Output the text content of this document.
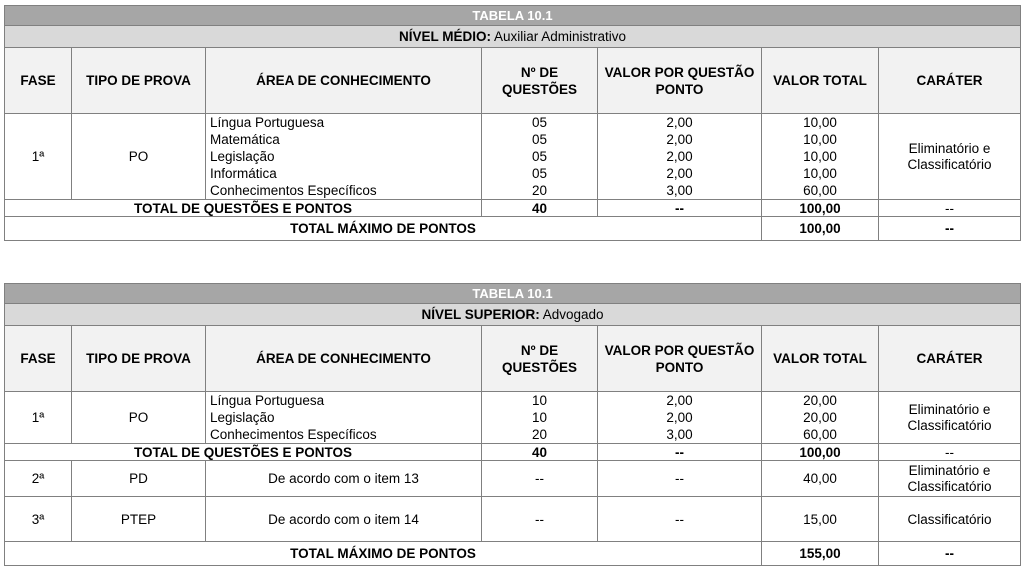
TABELA 10.1						
NÍVEL MÉDIO: Auxiliar Administrativo						
FASE	TIPO DE PROVA	ÁREA DE CONHECIMENTO	Nº DE QUESTÕES	VALOR POR QUESTÃO PONTO	VALOR TOTAL	CARÁTER
1ª	PO	Língua Portuguesa	05	2,00	10,00	Eliminatório e Classificatório
		Matemática	05	2,00	10,00	
		Legislação	05	2,00	10,00	
		Informática	05	2,00	10,00	
		Conhecimentos Específicos	20	3,00	60,00	
TOTAL DE QUESTÕES E PONTOS			40	--	100,00	--
TOTAL MÁXIMO DE PONTOS					100,00	--
TABELA 10.1						
NÍVEL SUPERIOR: Advogado						
FASE	TIPO DE PROVA	ÁREA DE CONHECIMENTO	Nº DE QUESTÕES	VALOR POR QUESTÃO PONTO	VALOR TOTAL	CARÁTER
1ª	PO	Língua Portuguesa	10	2,00	20,00	Eliminatório e Classificatório
		Legislação	10	2,00	20,00	
		Conhecimentos Específicos	20	3,00	60,00	
TOTAL DE QUESTÕES E PONTOS			40	--	100,00	--
2ª	PD	De acordo com o item 13	--	--	40,00	Eliminatório e Classificatório
3ª	PTEP	De acordo com o item 14	--	--	15,00	Classificatório
TOTAL MÁXIMO DE PONTOS					155,00	--
